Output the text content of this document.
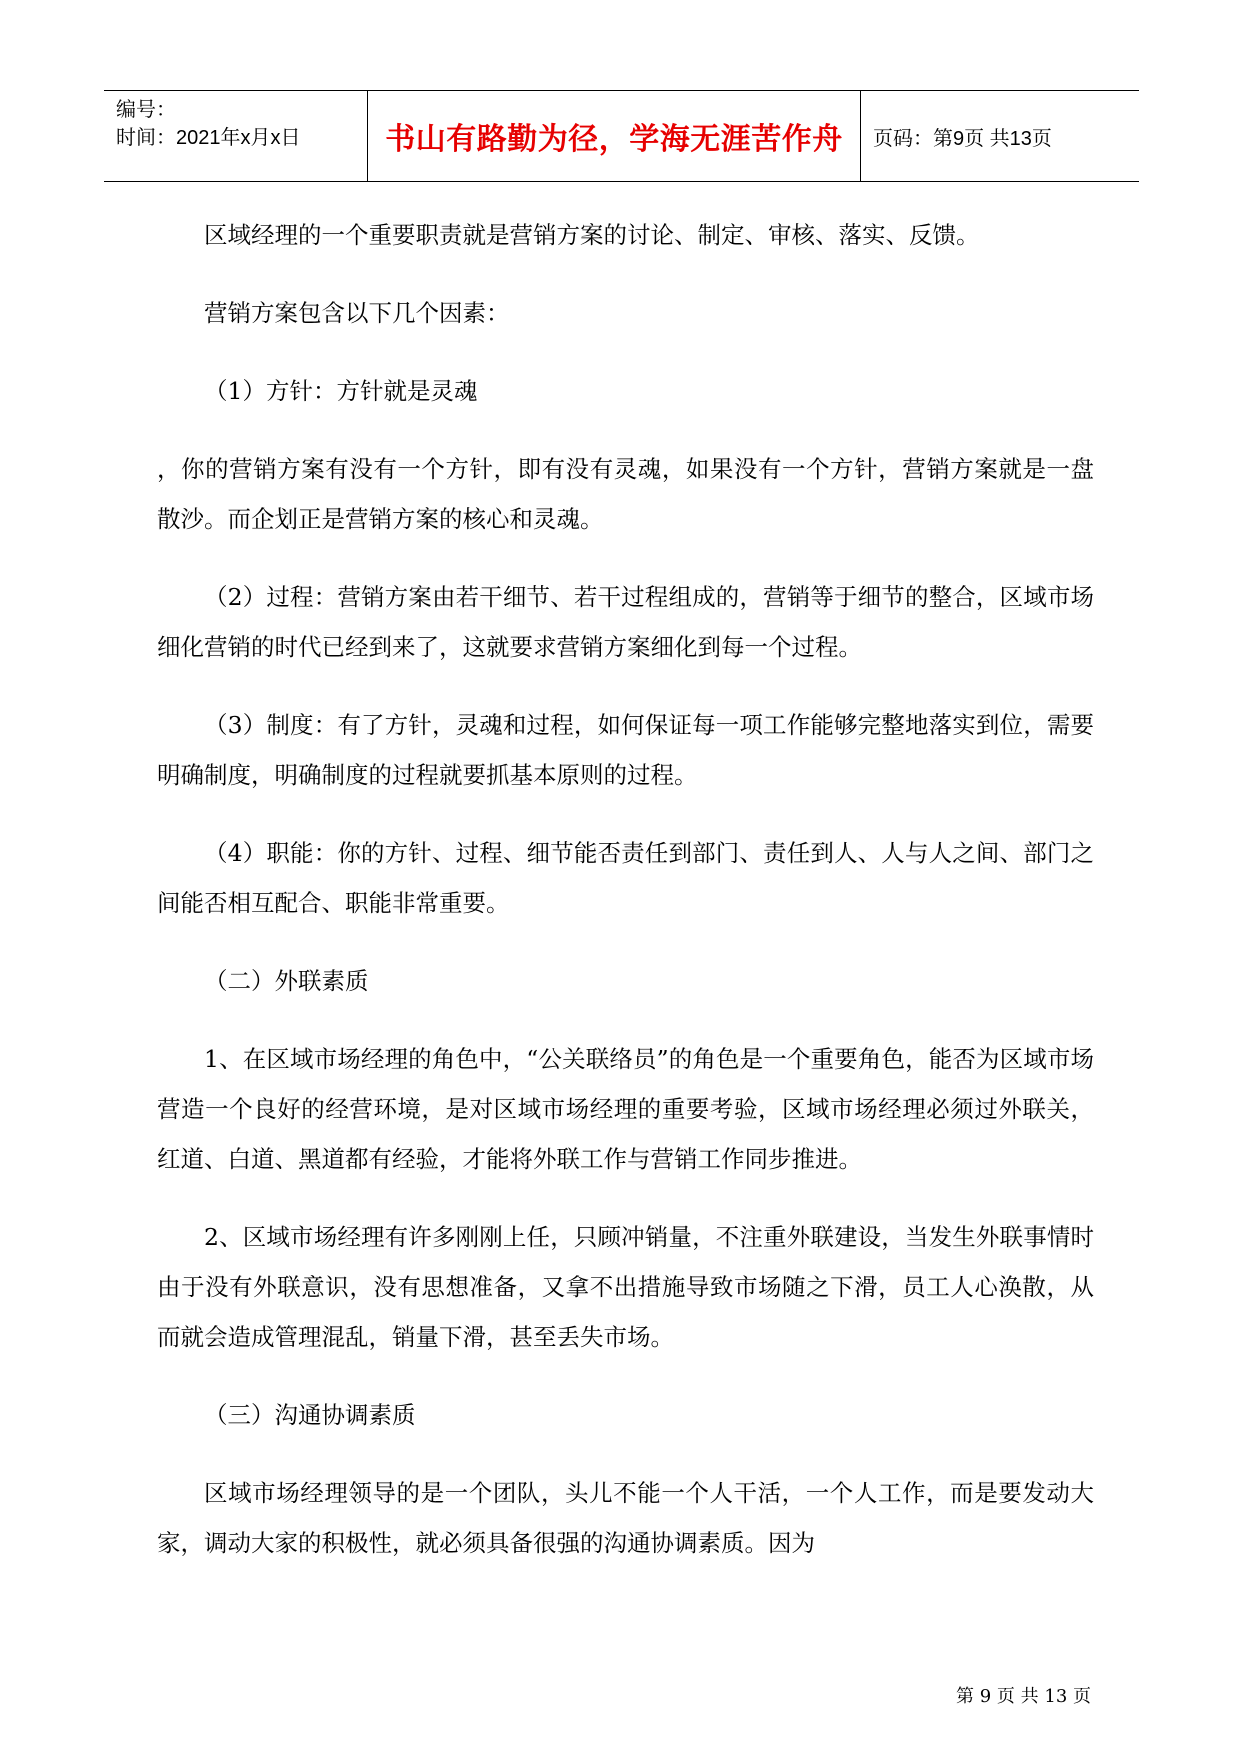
编号：
时间：2021年x月x日	书山有路勤为径，学海无涯苦作舟	页码：第9页 共13页

区域经理的一个重要职责就是营销方案的讨论、制定、审核、落实、反馈。

营销方案包含以下几个因素：

（1）方针：方针就是灵魂

，你的营销方案有没有一个方针，即有没有灵魂，如果没有一个方针，营销方案就是一盘散沙。而企划正是营销方案的核心和灵魂。

（2）过程：营销方案由若干细节、若干过程组成的，营销等于细节的整合，区域市场细化营销的时代已经到来了，这就要求营销方案细化到每一个过程。

（3）制度：有了方针，灵魂和过程，如何保证每一项工作能够完整地落实到位，需要明确制度，明确制度的过程就要抓基本原则的过程。

（4）职能：你的方针、过程、细节能否责任到部门、责任到人、人与人之间、部门之间能否相互配合、职能非常重要。

（二）外联素质

1、在区域市场经理的角色中，“公关联络员”的角色是一个重要角色，能否为区域市场营造一个良好的经营环境，是对区域市场经理的重要考验，区域市场经理必须过外联关，红道、白道、黑道都有经验，才能将外联工作与营销工作同步推进。

2、区域市场经理有许多刚刚上任，只顾冲销量，不注重外联建设，当发生外联事情时由于没有外联意识，没有思想准备，又拿不出措施导致市场随之下滑，员工人心涣散，从而就会造成管理混乱，销量下滑，甚至丢失市场。

（三）沟通协调素质

区域市场经理领导的是一个团队，头儿不能一个人干活，一个人工作，而是要发动大家，调动大家的积极性，就必须具备很强的沟通协调素质。因为

第 9 页 共 13 页
